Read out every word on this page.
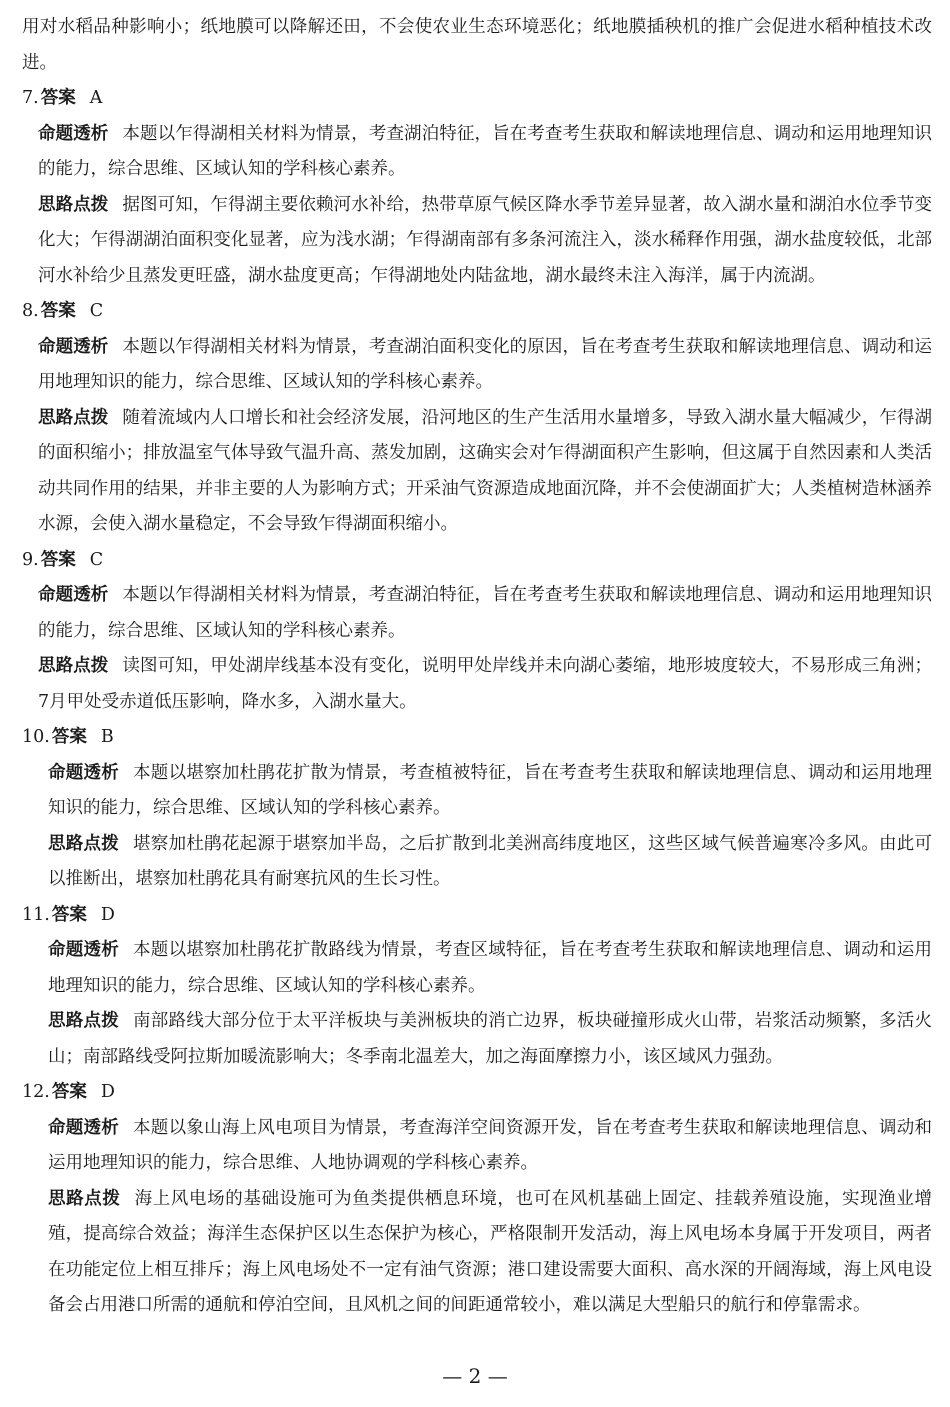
用对水稻品种影响小；纸地膜可以降解还田，不会使农业生态环境恶化；纸地膜插秧机的推广会促进水稻种植技术改进。

7. 答案 A

命题透析 本题以乍得湖相关材料为情景，考查湖泊特征，旨在考查考生获取和解读地理信息、调动和运用地理知识的能力，综合思维、区域认知的学科核心素养。

思路点拨 据图可知，乍得湖主要依赖河水补给，热带草原气候区降水季节差异显著，故入湖水量和湖泊水位季节变化大；乍得湖湖泊面积变化显著，应为浅水湖；乍得湖南部有多条河流注入，淡水稀释作用强，湖水盐度较低，北部河水补给少且蒸发更旺盛，湖水盐度更高；乍得湖地处内陆盆地，湖水最终未注入海洋，属于内流湖。

8. 答案 C

命题透析 本题以乍得湖相关材料为情景，考查湖泊面积变化的原因，旨在考查考生获取和解读地理信息、调动和运用地理知识的能力，综合思维、区域认知的学科核心素养。

思路点拨 随着流域内人口增长和社会经济发展，沿河地区的生产生活用水量增多，导致入湖水量大幅减少，乍得湖的面积缩小；排放温室气体导致气温升高、蒸发加剧，这确实会对乍得湖面积产生影响，但这属于自然因素和人类活动共同作用的结果，并非主要的人为影响方式；开采油气资源造成地面沉降，并不会使湖面扩大；人类植树造林涵养水源，会使入湖水量稳定，不会导致乍得湖面积缩小。

9. 答案 C

命题透析 本题以乍得湖相关材料为情景，考查湖泊特征，旨在考查考生获取和解读地理信息、调动和运用地理知识的能力，综合思维、区域认知的学科核心素养。

思路点拨 读图可知，甲处湖岸线基本没有变化，说明甲处岸线并未向湖心萎缩，地形坡度较大，不易形成三角洲；7月甲处受赤道低压影响，降水多，入湖水量大。

10. 答案 B

命题透析 本题以堪察加杜鹃花扩散为情景，考查植被特征，旨在考查考生获取和解读地理信息、调动和运用地理知识的能力，综合思维、区域认知的学科核心素养。

思路点拨 堪察加杜鹃花起源于堪察加半岛，之后扩散到北美洲高纬度地区，这些区域气候普遍寒冷多风。由此可以推断出，堪察加杜鹃花具有耐寒抗风的生长习性。

11. 答案 D

命题透析 本题以堪察加杜鹃花扩散路线为情景，考查区域特征，旨在考查考生获取和解读地理信息、调动和运用地理知识的能力，综合思维、区域认知的学科核心素养。

思路点拨 南部路线大部分位于太平洋板块与美洲板块的消亡边界，板块碰撞形成火山带，岩浆活动频繁，多活火山；南部路线受阿拉斯加暖流影响大；冬季南北温差大，加之海面摩擦力小，该区域风力强劲。

12. 答案 D

命题透析 本题以象山海上风电项目为情景，考查海洋空间资源开发，旨在考查考生获取和解读地理信息、调动和运用地理知识的能力，综合思维、人地协调观的学科核心素养。

思路点拨 海上风电场的基础设施可为鱼类提供栖息环境，也可在风机基础上固定、挂载养殖设施，实现渔业增殖，提高综合效益；海洋生态保护区以生态保护为核心，严格限制开发活动，海上风电场本身属于开发项目，两者在功能定位上相互排斥；海上风电场处不一定有油气资源；港口建设需要大面积、高水深的开阔海域，海上风电设备会占用港口所需的通航和停泊空间，且风机之间的间距通常较小，难以满足大型船只的航行和停靠需求。

— 2 —
